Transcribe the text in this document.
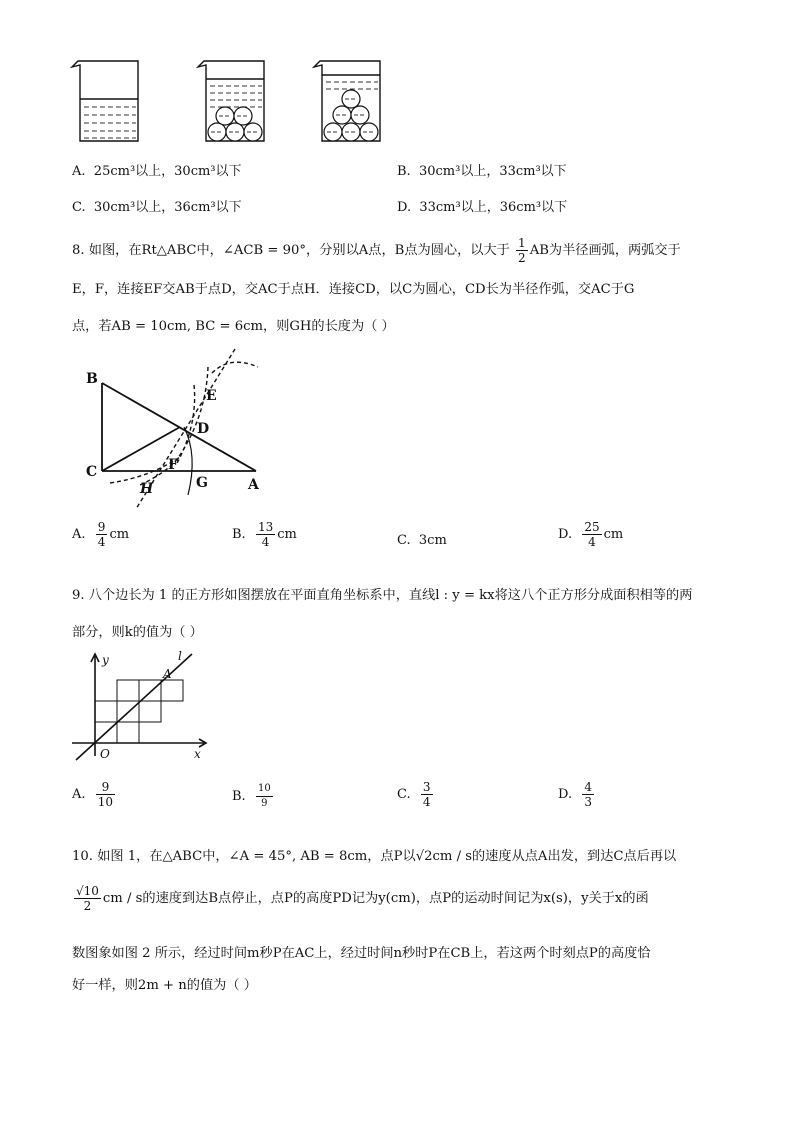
A. 25cm³以上，30cm³以下	B. 30cm³以上，33cm³以下
C. 30cm³以上，36cm³以下	D. 33cm³以上，36cm³以下
8. 如图，在Rt△ABC中，∠ACB = 90°，分别以A点，B点为圆心，以大于 $\frac{1}{2}$ AB为半径画弧，两弧交于
E，F，连接EF交AB于点D，交AC于点H．连接CD，以C为圆心，CD长为半径作弧，交AC于G
点，若AB = 10cm, BC = 6cm，则GH的长度为（ ）
B
C
A
D
E
F
G
H
A. $\frac{9}{4}$ cm	B. $\frac{13}{4}$ cm	C. 3cm	D. $\frac{25}{4}$ cm
9. 八个边长为 1 的正方形如图摆放在平面直角坐标系中，直线l : y = kx将这八个正方形分成面积相等的两
部分，则k的值为（ ）
y
x
O
A
l
A. $\frac{9}{10}$	B. $\frac{10}{9}$	C. $\frac{3}{4}$	D. $\frac{4}{3}$
10. 如图 1，在△ABC中，∠A = 45°, AB = 8cm，点P以√2cm / s的速度从点A出发，到达C点后再以
$\frac{√10}{2}$ cm / s的速度到达B点停止，点P的高度PD记为y(cm)，点P的运动时间记为x(s)，y关于x的函
数图象如图 2 所示，经过时间m秒P在AC上，经过时间n秒时P在CB上，若这两个时刻点P的高度恰
好一样，则2m + n的值为（ ）
